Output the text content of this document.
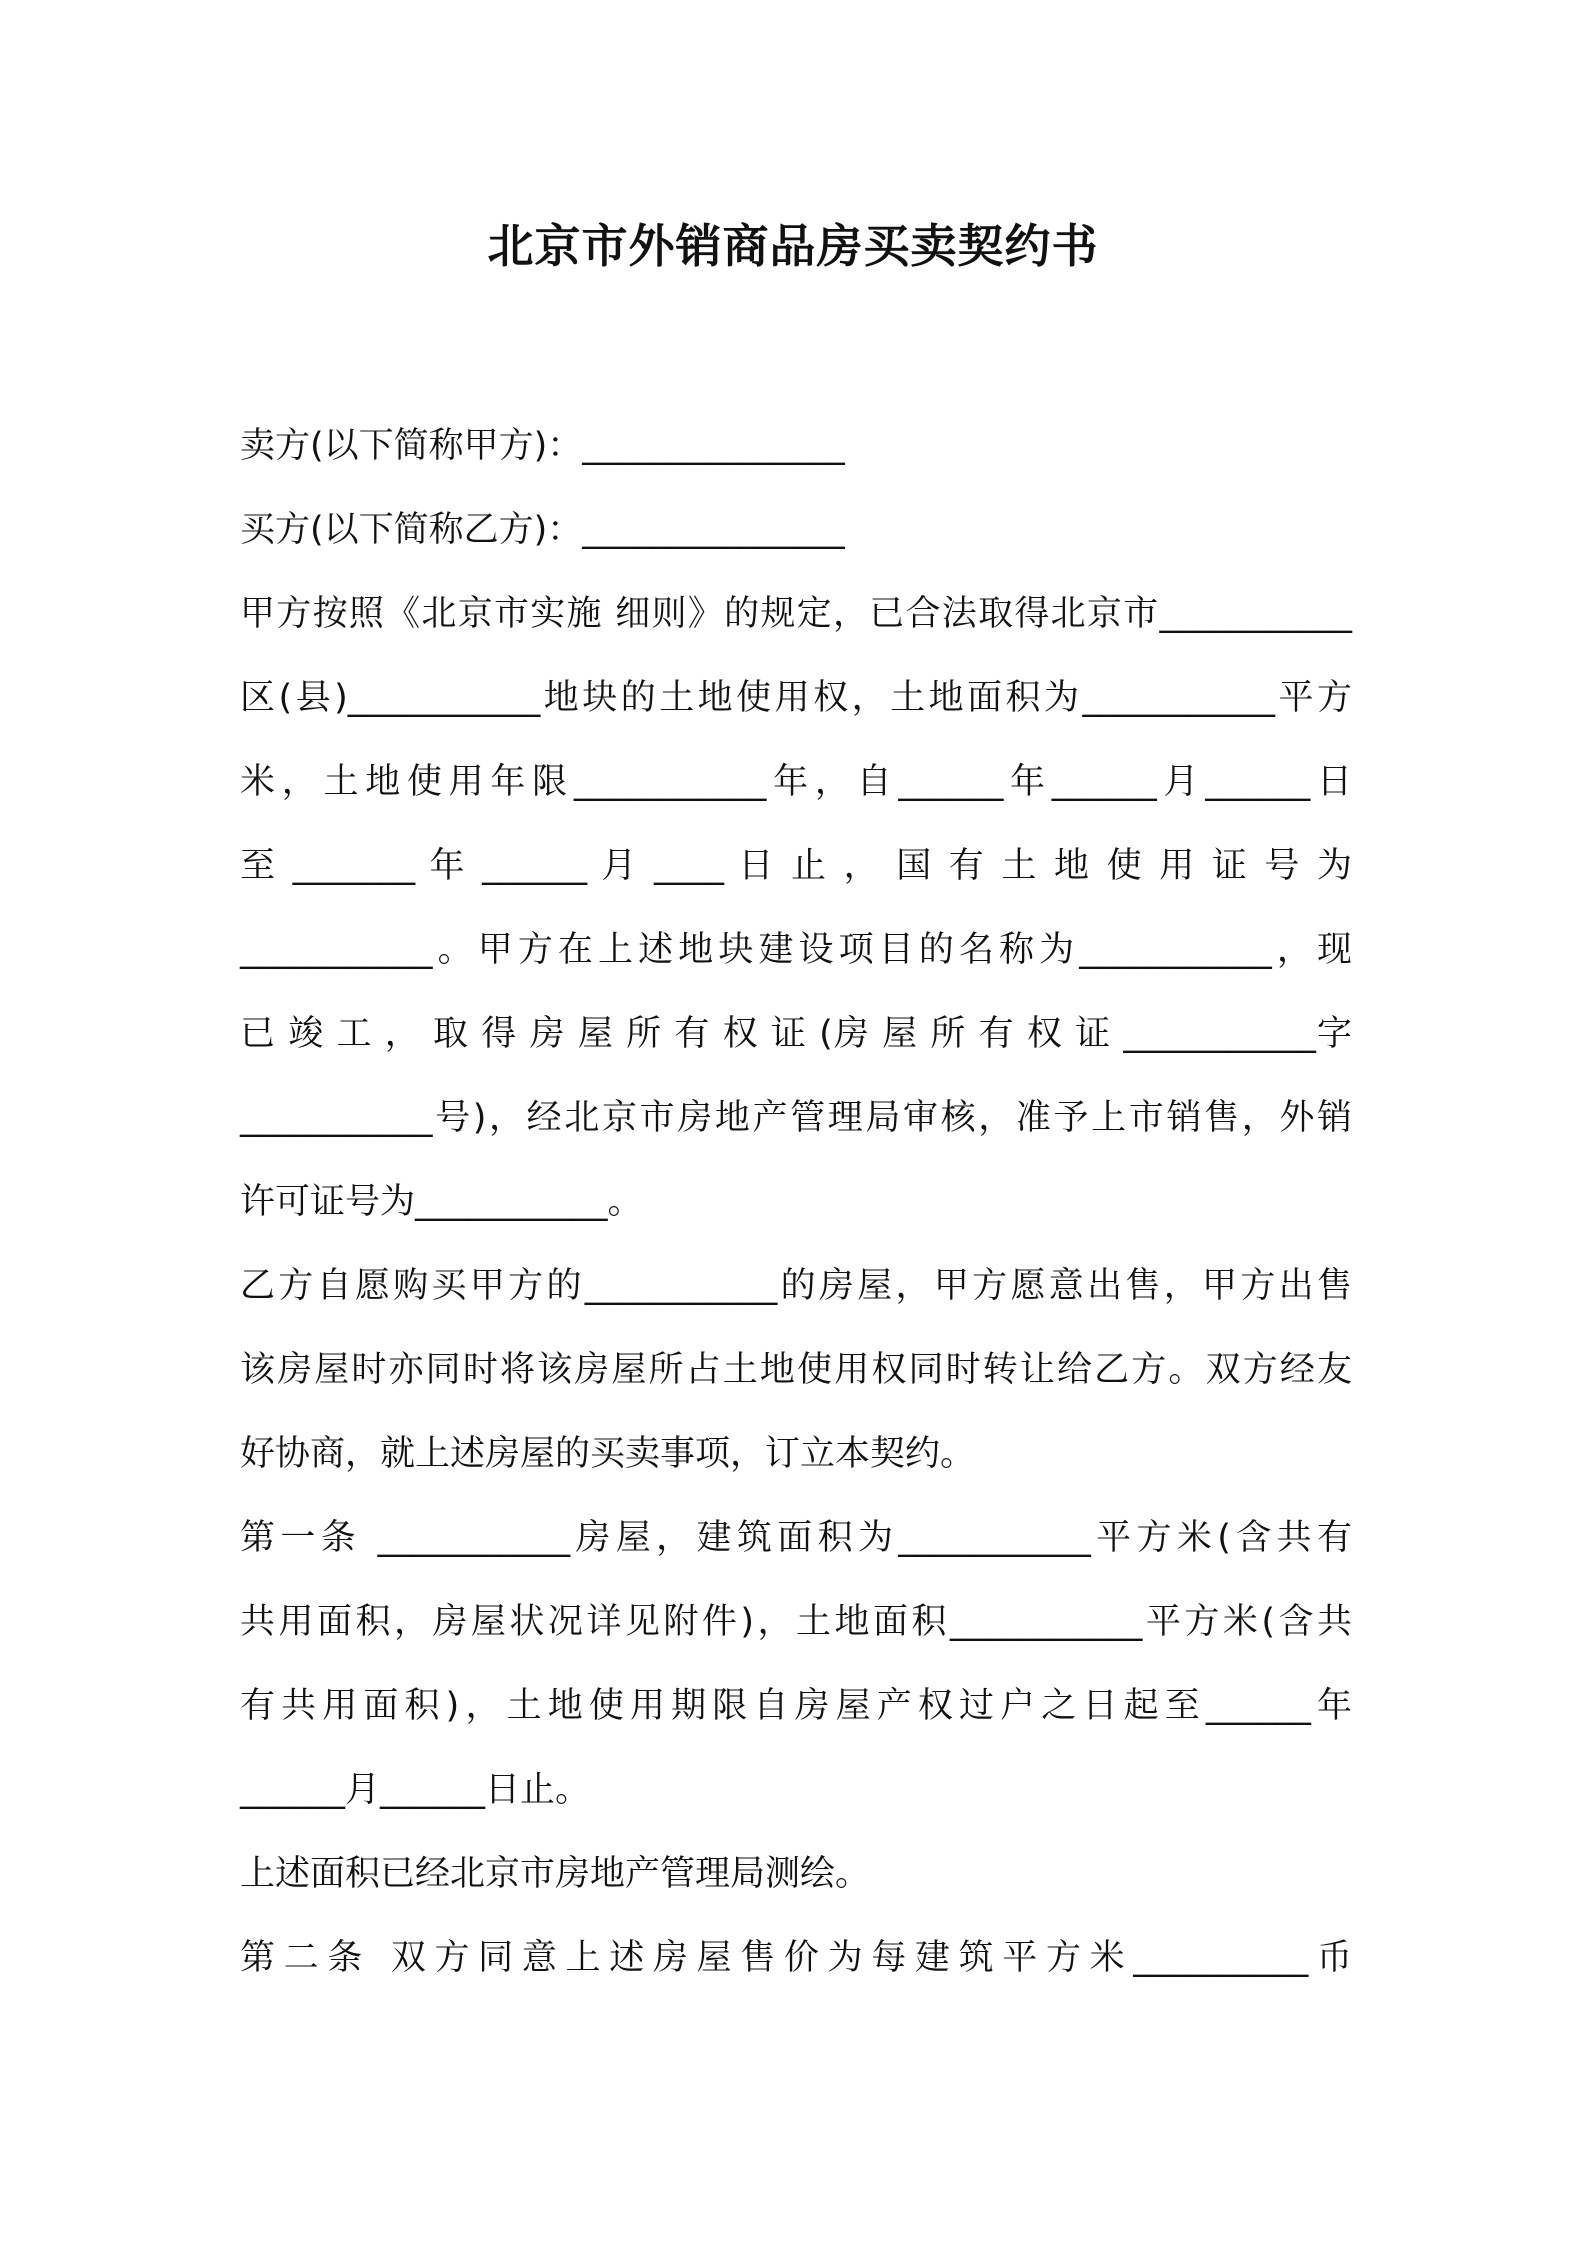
北京市外销商品房买卖契约书
卖方(以下简称甲方)：_______________
买方(以下简称乙方)：_______________
甲方按照《北京市实施 细则》的规定，已合法取得北京市___________
区(县)___________地块的土地使用权，土地面积为___________平方
米，土地使用年限___________年，自______年______月______日
至 _______ 年 ______ 月 ____ 日 止 ， 国 有 土 地 使 用 证 号 为
___________。甲方在上述地块建设项目的名称为___________，现
已 竣 工 ， 取 得 房 屋 所 有 权 证 (房 屋 所 有 权 证 ___________字
___________号)，经北京市房地产管理局审核，准予上市销售，外销
许可证号为___________。
乙方自愿购买甲方的___________的房屋，甲方愿意出售，甲方出售
该房屋时亦同时将该房屋所占土地使用权同时转让给乙方。双方经友
好协商，就上述房屋的买卖事项，订立本契约。
第一条 ___________房屋，建筑面积为___________平方米(含共有
共用面积，房屋状况详见附件)，土地面积___________平方米(含共
有共用面积)，土地使用期限自房屋产权过户之日起至______年
______月______日止。
上述面积已经北京市房地产管理局测绘。
第二条 双方同意上述房屋售价为每建筑平方米__________币
